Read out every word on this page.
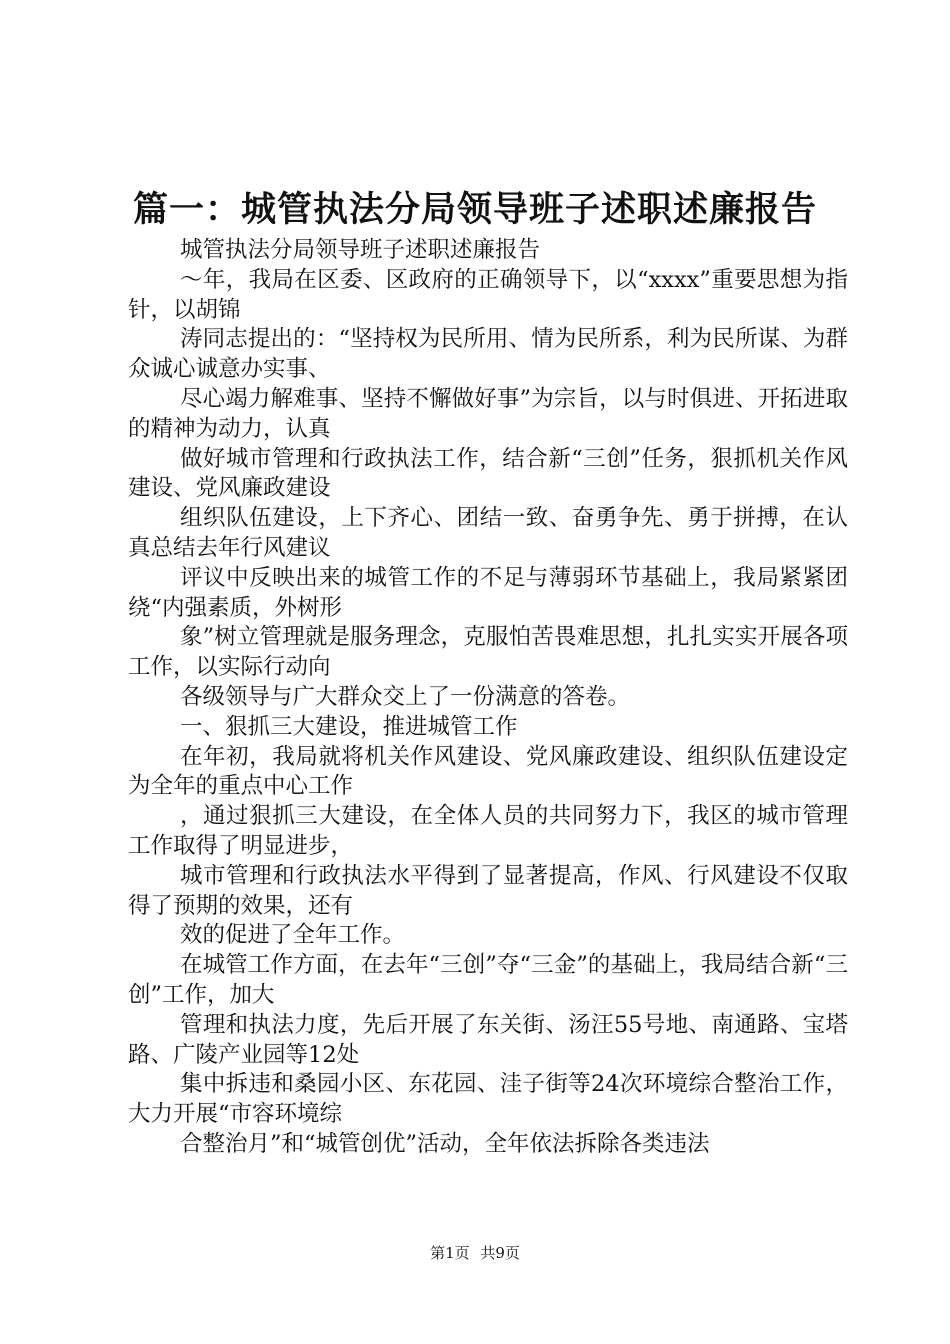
篇一：城管执法分局领导班子述职述廉报告

城管执法分局领导班子述职述廉报告

～年，我局在区委、区政府的正确领导下，以“xxxx”重要思想为指针，以胡锦

涛同志提出的：“坚持权为民所用、情为民所系，利为民所谋、为群众诚心诚意办实事、

尽心竭力解难事、坚持不懈做好事”为宗旨，以与时俱进、开拓进取的精神为动力，认真

做好城市管理和行政执法工作，结合新“三创”任务，狠抓机关作风建设、党风廉政建设

组织队伍建设，上下齐心、团结一致、奋勇争先、勇于拼搏，在认真总结去年行风建议

评议中反映出来的城管工作的不足与薄弱环节基础上，我局紧紧团绕“内强素质，外树形

象”树立管理就是服务理念，克服怕苦畏难思想，扎扎实实开展各项工作，以实际行动向

各级领导与广大群众交上了一份满意的答卷。

一、狠抓三大建设，推进城管工作

在年初，我局就将机关作风建设、党风廉政建设、组织队伍建设定为全年的重点中心工作

，通过狠抓三大建设，在全体人员的共同努力下，我区的城市管理工作取得了明显进步，

城市管理和行政执法水平得到了显著提高，作风、行风建设不仅取得了预期的效果，还有

效的促进了全年工作。

在城管工作方面，在去年“三创”夺“三金”的基础上，我局结合新“三创”工作，加大

管理和执法力度，先后开展了东关街、汤汪55号地、南通路、宝塔路、广陵产业园等12处

集中拆违和桑园小区、东花园、洼子街等24次环境综合整治工作，大力开展“市容环境综

合整治月”和“城管创优”活动，全年依法拆除各类违法

第1页 共9页
